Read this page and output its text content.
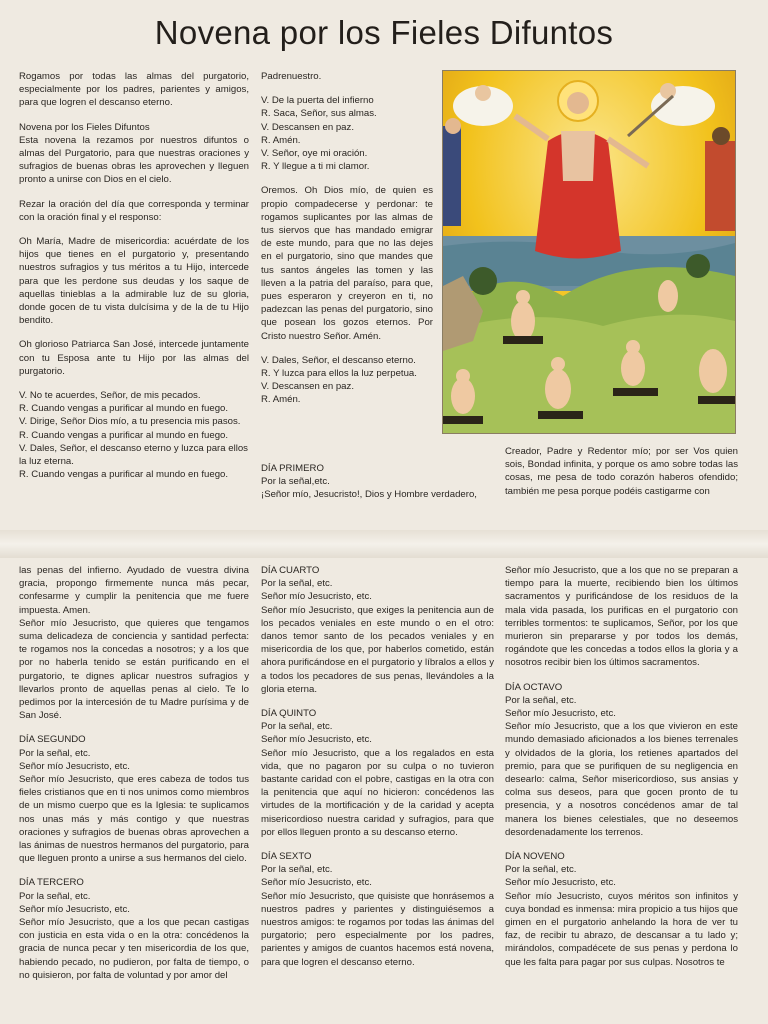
Novena por los Fieles Difuntos

Rogamos por todas las almas del purgatorio, especialmente por los padres, parientes y amigos, para que logren el descanso eterno.

Novena por los Fieles Difuntos
Esta novena la rezamos por nuestros difuntos o almas del Purgatorio, para que nuestras oraciones y sufragios de buenas obras les aprovechen y lleguen pronto a unirse con Dios en el cielo.

Rezar la oración del día que corresponda y terminar con la oración final y el responso:

Oh María, Madre de misericordia: acuérdate de los hijos que tienes en el purgatorio y, presentando nuestros sufragios y tus méritos a tu Hijo, intercede para que les perdone sus deudas y los saque de aquellas tinieblas a la admirable luz de su gloria, donde gocen de tu vista dulcísima y de la de tu Hijo bendito.

Oh glorioso Patriarca San José, intercede juntamente con tu Esposa ante tu Hijo por las almas del purgatorio.

V. No te acuerdes, Señor, de mis pecados.
R. Cuando vengas a purificar al mundo en fuego.
V. Dirige, Señor Dios mío, a tu presencia mis pasos.
R. Cuando vengas a purificar al mundo en fuego.
V. Dales, Señor, el descanso eterno y luzca para ellos la luz eterna.
R. Cuando vengas a purificar al mundo en fuego.

Padrenuestro.

V. De la puerta del infierno
R. Saca, Señor, sus almas.
V. Descansen en paz.
R. Amén.
V. Señor, oye mi oración.
R. Y llegue a ti mi clamor.

Oremos. Oh Dios mío, de quien es propio compadecerse y perdonar: te rogamos suplicantes por las almas de tus siervos que has mandado emigrar de este mundo, para que no las dejes en el purgatorio, sino que mandes que tus santos ángeles las tomen y las lleven a la patria del paraíso, para que, pues esperaron y creyeron en ti, no padezcan las penas del purgatorio, sino que posean los gozos eternos. Por Cristo nuestro Señor. Amén.

V. Dales, Señor, el descanso eterno.
R. Y luzca para ellos la luz perpetua.
V. Descansen en paz.
R. Amén.

DÍA PRIMERO
Por la señal,etc.
¡Señor mío, Jesucristo!, Dios y Hombre verdadero,

Creador, Padre y Redentor mío; por ser Vos quien sois, Bondad infinita, y porque os amo sobre todas las cosas, me pesa de todo corazón haberos ofendido; también me pesa porque podéis castigarme con

las penas del infierno. Ayudado de vuestra divina gracia, propongo firmemente nunca más pecar, confesarme y cumplir la penitencia que me fuere impuesta. Amen.

Señor mío Jesucristo, que quieres que tengamos suma delicadeza de conciencia y santidad perfecta: te rogamos nos la concedas a nosotros; y a los que por no haberla tenido se están purificando en el purgatorio, te dignes aplicar nuestros sufragios y llevarlos pronto de aquellas penas al cielo. Te lo pedimos por la intercesión de tu Madre purísima y de San José.

DÍA SEGUNDO
Por la señal, etc.
Señor mío Jesucristo, etc.

Señor mío Jesucristo, que eres cabeza de todos tus fieles cristianos que en ti nos unimos como miembros de un mismo cuerpo que es la Iglesia: te suplicamos nos unas más y más contigo y que nuestras oraciones y sufragios de buenas obras aprovechen a las ánimas de nuestros hermanos del purgatorio, para que lleguen pronto a unirse a sus hermanos del cielo.

DÍA TERCERO
Por la señal, etc.
Señor mío Jesucristo, etc.

Señor mío Jesucristo, que a los que pecan castigas con justicia en esta vida o en la otra: concédenos la gracia de nunca pecar y ten misericordia de los que, habiendo pecado, no pudieron, por falta de tiempo, o no quisieron, por falta de voluntad y por amor del

DÍA CUARTO
Por la señal, etc.
Señor mío Jesucristo, etc.

Señor mío Jesucristo, que exiges la penitencia aun de los pecados veniales en este mundo o en el otro: danos temor santo de los pecados veniales y en misericordia de los que, por haberlos cometido, están ahora purificándose en el purgatorio y líbralos a ellos y a todos los pecadores de sus penas, llevándoles a la gloria eterna.

DÍA QUINTO
Por la señal, etc.
Señor mío Jesucristo, etc.

Señor mío Jesucristo, que a los regalados en esta vida, que no pagaron por su culpa o no tuvieron bastante caridad con el pobre, castigas en la otra con la penitencia que aquí no hicieron: concédenos las virtudes de la mortificación y de la caridad y acepta misericordioso nuestra caridad y sufragios, para que por ellos lleguen pronto a su descanso eterno.

DÍA SEXTO
Por la señal, etc.
Señor mío Jesucristo, etc.

Señor mío Jesucristo, que quisiste que honrásemos a nuestros padres y parientes y distinguiésemos a nuestros amigos: te rogamos por todas las ánimas del purgatorio; pero especialmente por los padres, parientes y amigos de cuantos hacemos está novena, para que logren el descanso eterno.

Señor mío Jesucristo, que a los que no se preparan a tiempo para la muerte, recibiendo bien los últimos sacramentos y purificándose de los residuos de la mala vida pasada, los purificas en el purgatorio con terribles tormentos: te suplicamos, Señor, por los que murieron sin prepararse y por todos los demás, rogándote que les concedas a todos ellos la gloria y a nosotros recibir bien los últimos sacramentos.

DÍA OCTAVO
Por la señal, etc.
Señor mío Jesucristo, etc.

Señor mío Jesucristo, que a los que vivieron en este mundo demasiado aficionados a los bienes terrenales y olvidados de la gloria, los retienes apartados del premio, para que se purifiquen de su negligencia en desearlo: calma, Señor misericordioso, sus ansias y colma sus deseos, para que gocen pronto de tu presencia, y a nosotros concédenos amar de tal manera los bienes celestiales, que no deseemos desordenadamente los terrenos.

DÍA NOVENO
Por la señal, etc.
Señor mío Jesucristo, etc.

Señor mío Jesucristo, cuyos méritos son infinitos y cuya bondad es inmensa: mira propicio a tus hijos que gimen en el purgatorio anhelando la hora de ver tu faz, de recibir tu abrazo, de descansar a tu lado y; mirándolos, compadécete de sus penas y perdona lo que les falta para pagar por sus culpas. Nosotros te
